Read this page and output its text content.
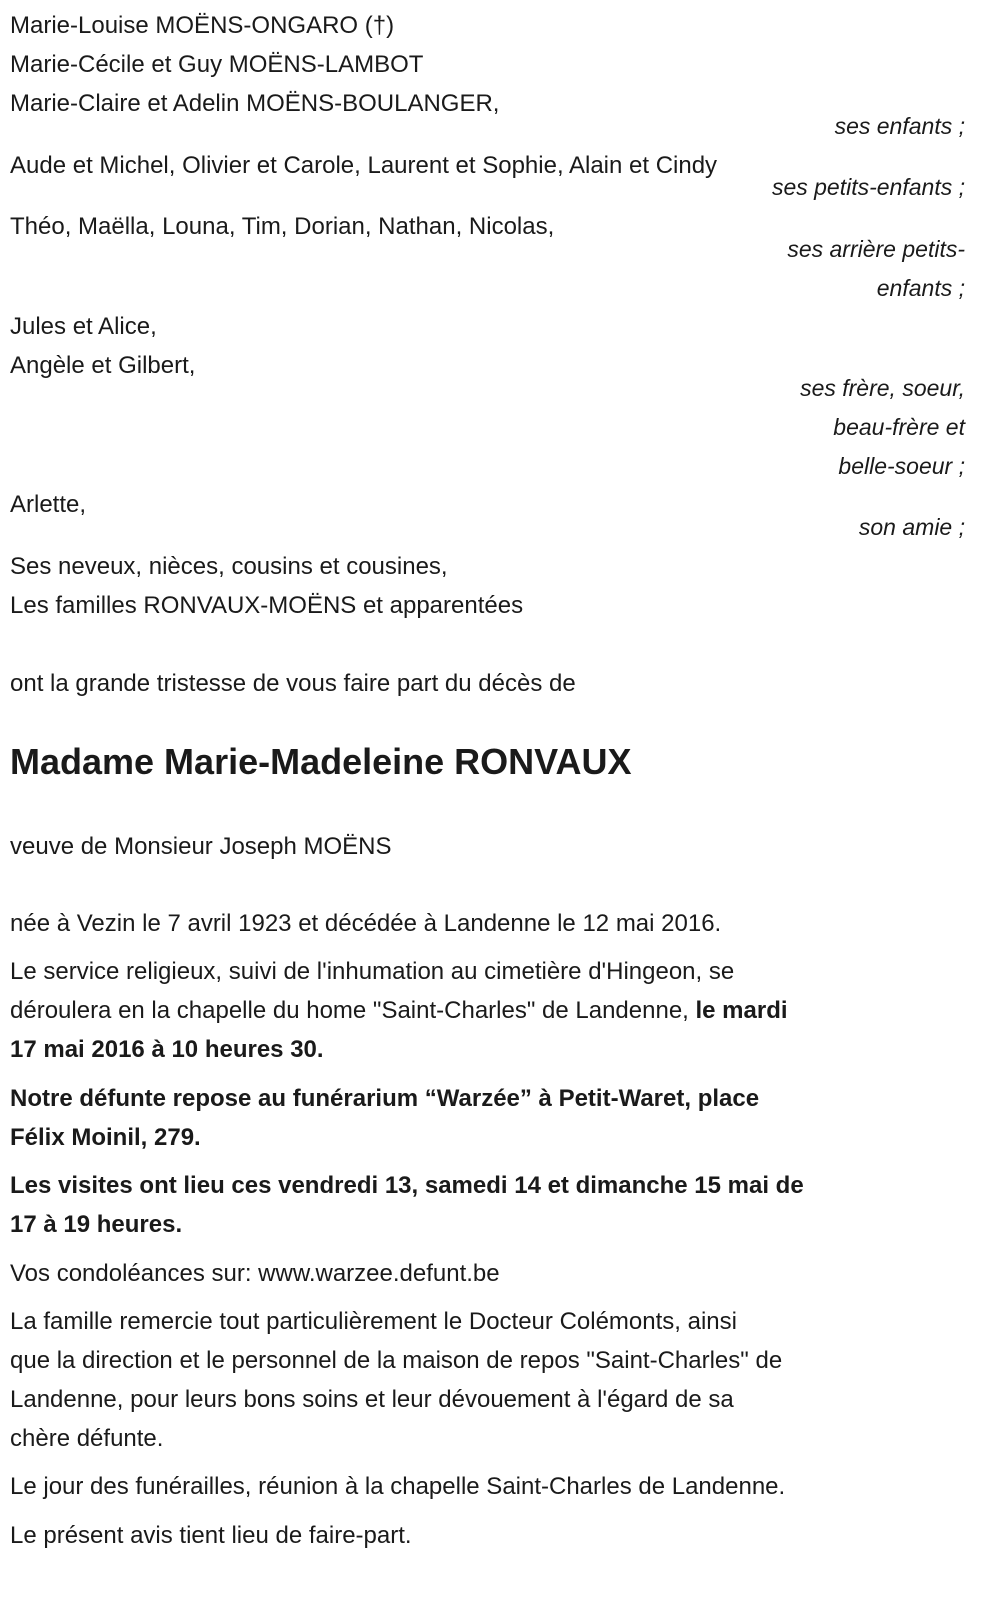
Marie-Louise MOËNS-ONGARO (†)
Marie-Cécile et Guy MOËNS-LAMBOT
Marie-Claire et Adelin MOËNS-BOULANGER,
ses enfants ;
Aude et Michel, Olivier et Carole, Laurent et Sophie, Alain et Cindy
ses petits-enfants ;
Théo, Maëlla, Louna, Tim, Dorian, Nathan, Nicolas,
ses arrière petits-
enfants ;
Jules et Alice,
Angèle et Gilbert,
ses frère, soeur,
beau-frère et
belle-soeur ;
Arlette,
son amie ;
Ses neveux, nièces, cousins et cousines,
Les familles RONVAUX-MOËNS et apparentées
ont la grande tristesse de vous faire part du décès de
Madame Marie-Madeleine RONVAUX
veuve de Monsieur Joseph MOËNS
née à Vezin le 7 avril 1923 et décédée à Landenne le 12 mai 2016.
Le service religieux, suivi de l'inhumation au cimetière d'Hingeon, se
déroulera en la chapelle du home "Saint-Charles" de Landenne, le mardi
17 mai 2016 à 10 heures 30.
Notre défunte repose au funérarium “Warzée” à Petit-Waret, place
Félix Moinil, 279.
Les visites ont lieu ces vendredi 13, samedi 14 et dimanche 15 mai de
17 à 19 heures.
Vos condoléances sur: www.warzee.defunt.be
La famille remercie tout particulièrement le Docteur Colémonts, ainsi
que la direction et le personnel de la maison de repos "Saint-Charles" de
Landenne, pour leurs bons soins et leur dévouement à l'égard de sa
chère défunte.
Le jour des funérailles, réunion à la chapelle Saint-Charles de Landenne.
Le présent avis tient lieu de faire-part.
